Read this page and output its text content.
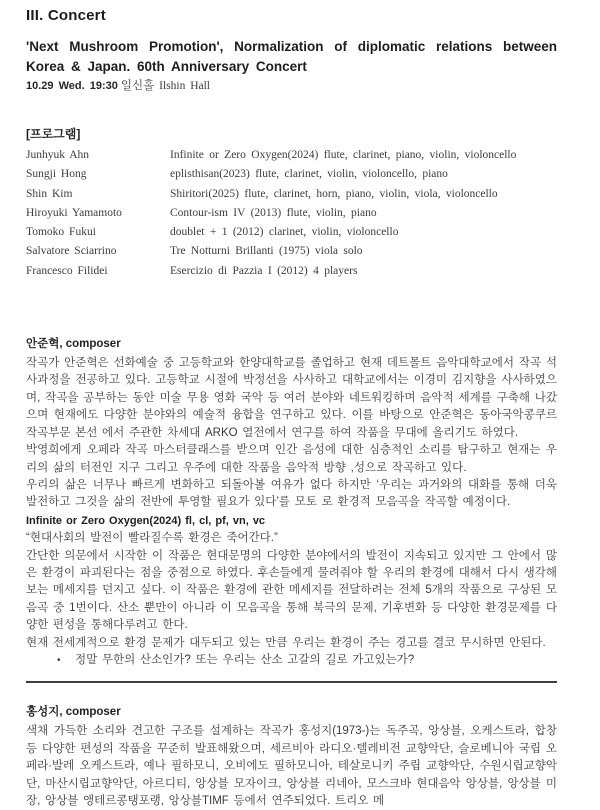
III. Concert
'Next Mushroom Promotion', Normalization of diplomatic relations between Korea & Japan. 60th Anniversary Concert
10.29 Wed. 19:30 일신홀 Ilshin Hall
[프로그램]
Junhyuk Ahn	Infinite or Zero Oxygen(2024) flute, clarinet, piano, violin, violoncello
Sungji Hong	eplisthisan(2023) flute, clarinet, violin, violoncello, piano
Shin Kim	Shiritori(2025) flute, clarinet, horn, piano, violin, viola, violoncello
Hiroyuki Yamamoto	Contour-ism IV (2013) flute, violin, piano
Tomoko Fukui	doublet + 1 (2012) clarinet, violin, violoncello
Salvatore Sciarrino	Tre Notturni Brillanti (1975) viola solo
Francesco Filidei	Esercizio di Pazzia I (2012) 4 players
안준혁, composer

작곡가 안준혁은 선화예술 중 고등학교와 한양대학교를 졸업하고 현재 데트몰트 음악대학교에서 작곡 석사과정을 전공하고 있다. 고등학교 시절에 박정선을 사사하고 대학교에서는 이경미 김지향을 사사하였으며, 작곡을 공부하는 동안 미술 무용 영화 국악 등 여러 분야와 네트워킹하며 음악적 세계를 구축해 나갔으며 현재에도 다양한 분야와의 예술적 융합을 연구하고 있다. 이를 바탕으로 안준혁은 동아국악콩쿠르 작곡부문 본선 에서 주관한 차세대 ARKO 열전에서 연구를 하여 작품을 무대에 올리기도 하였다.

박영희에게 오페라 작곡 마스터클래스를 받으며 인간 음성에 대한 심층적인 소리를 탐구하고 현재는 우리의 삶의 터전인 지구 그리고 우주에 대한 작품을 음악적 방향 ,성으로 작곡하고 있다.

우리의 삶은 너무나 빠르게 변화하고 되돌아볼 여유가 없다 하지만 ‘우리는 과거와의 대화를 통해 더욱 발전하고 그것을 삶의 전반에 투영할 필요가 있다’를 모토 로 환경적 모음곡을 작곡할 예정이다.

Infinite or Zero Oxygen(2024) fl, cl, pf, vn, vc
“현대사회의 발전이 빨라질수록 환경은 죽어간다.”

간단한 의문에서 시작한 이 작품은 현대문명의 다양한 분야에서의 발전이 지속되고 있지만 그 안에서 많은 환경이 파괴된다는 점을 중점으로 하였다. 후손들에게 물려줘야 할 우리의 환경에 대해서 다시 생각해보는 메세지를 던지고 싶다. 이 작품은 환경에 관한 메세지를 전달하려는 전체 5개의 작품으로 구상된 모음곡 중 1번이다. 산소 뿐만이 아니라 이 모음곡을 통해 북극의 문제, 기후변화 등 다양한 환경문제를 다양한 편성을 통해다루려고 한다.

현재 전세계적으로 환경 문제가 대두되고 있는 만큼 우리는 환경이 주는 경고를 결코 무시하면 안된다.

•	정말 무한의 산소인가? 또는 우리는 산소 고갈의 길로 가고있는가?
홍성지, composer

색채 가득한 소리와 견고한 구조를 설계하는 작곡가 홍성지(1973-)는 독주곡, 앙상블, 오케스트라, 합창 등 다양한 편성의 작품을 꾸준히 발표해왔으며, 세르비아 라디오·텔레비전 교향악단, 슬로베니아 국립 오페라·발레 오케스트라, 예나 필하모니, 오비에도 필하모니아, 테살로니키 주립 교향악단, 수원시립교향악단, 마산시립교향악단, 아르디티, 앙상블 모자이크, 앙상블 리네아, 모스크바 현대음악 앙상블, 앙상블 미장, 앙상블 앵테르콩탱포랭, 앙상블TIMF 등에서 연주되었다. 트리오 메
